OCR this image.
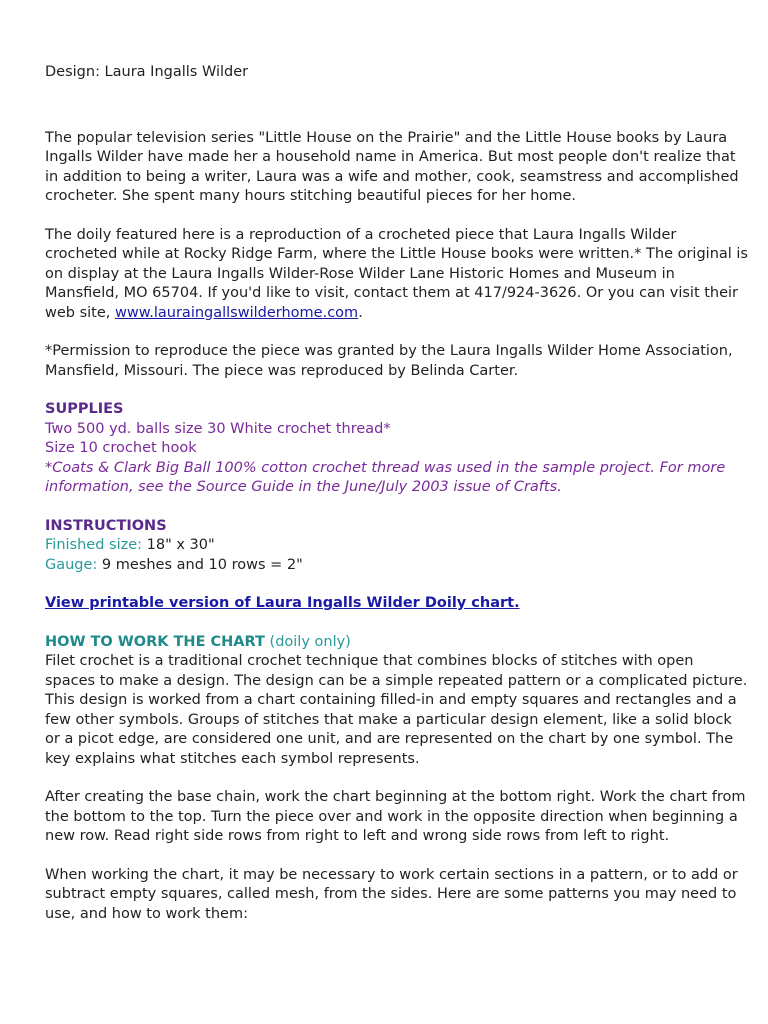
Design: Laura Ingalls Wilder

The popular television series "Little House on the Prairie" and the Little House books by Laura Ingalls Wilder have made her a household name in America. But most people don't realize that in addition to being a writer, Laura was a wife and mother, cook, seamstress and accomplished crocheter. She spent many hours stitching beautiful pieces for her home.

The doily featured here is a reproduction of a crocheted piece that Laura Ingalls Wilder crocheted while at Rocky Ridge Farm, where the Little House books were written.* The original is on display at the Laura Ingalls Wilder-Rose Wilder Lane Historic Homes and Museum in Mansfield, MO 65704. If you'd like to visit, contact them at 417/924-3626. Or you can visit their web site, www.lauraingallswilderhome.com.

*Permission to reproduce the piece was granted by the Laura Ingalls Wilder Home Association, Mansfield, Missouri. The piece was reproduced by Belinda Carter.

SUPPLIES

Two 500 yd. balls size 30 White crochet thread*

Size 10 crochet hook

*Coats & Clark Big Ball 100% cotton crochet thread was used in the sample project. For more information, see the Source Guide in the June/July 2003 issue of Crafts.

INSTRUCTIONS

Finished size: 18" x 30"

Gauge: 9 meshes and 10 rows = 2"

View printable version of Laura Ingalls Wilder Doily chart.

HOW TO WORK THE CHART (doily only)

Filet crochet is a traditional crochet technique that combines blocks of stitches with open spaces to make a design. The design can be a simple repeated pattern or a complicated picture. This design is worked from a chart containing filled-in and empty squares and rectangles and a few other symbols. Groups of stitches that make a particular design element, like a solid block or a picot edge, are considered one unit, and are represented on the chart by one symbol. The key explains what stitches each symbol represents.

After creating the base chain, work the chart beginning at the bottom right. Work the chart from the bottom to the top. Turn the piece over and work in the opposite direction when beginning a new row. Read right side rows from right to left and wrong side rows from left to right.

When working the chart, it may be necessary to work certain sections in a pattern, or to add or subtract empty squares, called mesh, from the sides. Here are some patterns you may need to use, and how to work them:
